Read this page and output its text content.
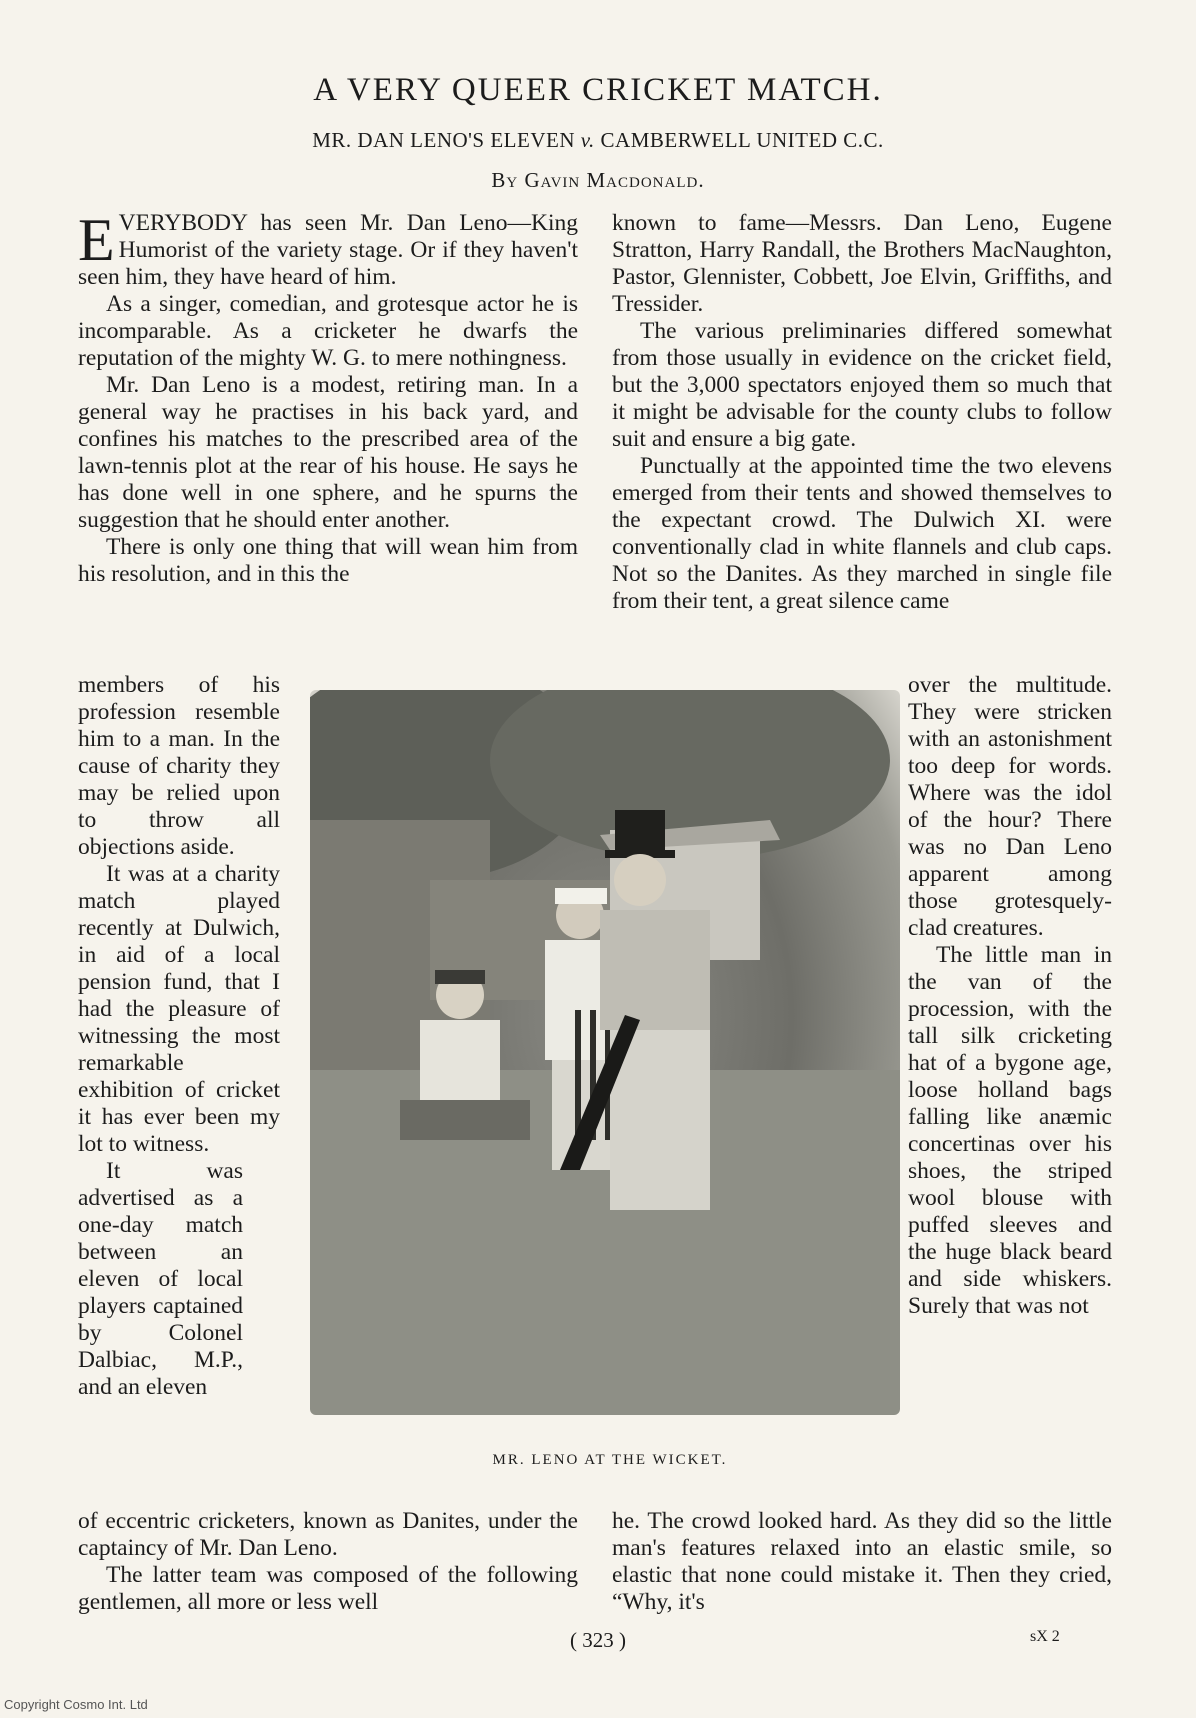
A VERY QUEER CRICKET MATCH.
MR. DAN LENO'S ELEVEN v. CAMBERWELL UNITED C.C.
By Gavin Macdonald.

EVERYBODY has seen Mr. Dan Leno—King Humorist of the variety stage. Or if they haven't seen him, they have heard of him.

As a singer, comedian, and grotesque actor he is incomparable. As a cricketer he dwarfs the reputation of the mighty W. G. to mere nothingness.

Mr. Dan Leno is a modest, retiring man. In a general way he practises in his back yard, and confines his matches to the prescribed area of the lawn-tennis plot at the rear of his house. He says he has done well in one sphere, and he spurns the suggestion that he should enter another.

There is only one thing that will wean him from his resolution, and in this the

members of his profession resemble him to a man. In the cause of charity they may be relied upon to throw all objections aside.

It was at a charity match played recently at Dulwich, in aid of a local pension fund, that I had the pleasure of witnessing the most remarkable exhibition of cricket it has ever been my lot to witness.

It was advertised as a one-day match between an eleven of local players captained by Colonel Dalbiac, M.P., and an eleven

of eccentric cricketers, known as Danites, under the captaincy of Mr. Dan Leno.

The latter team was composed of the following gentlemen, all more or less well

known to fame—Messrs. Dan Leno, Eugene Stratton, Harry Randall, the Brothers MacNaughton, Pastor, Glennister, Cobbett, Joe Elvin, Griffiths, and Tressider.

The various preliminaries differed somewhat from those usually in evidence on the cricket field, but the 3,000 spectators enjoyed them so much that it might be advisable for the county clubs to follow suit and ensure a big gate.

Punctually at the appointed time the two elevens emerged from their tents and showed themselves to the expectant crowd. The Dulwich XI. were conventionally clad in white flannels and club caps. Not so the Danites. As they marched in single file from their tent, a great silence came

over the multitude. They were stricken with an astonishment too deep for words. Where was the idol of the hour? There was no Dan Leno apparent among those grotesquely-clad creatures.

The little man in the van of the procession, with the tall silk cricketing hat of a bygone age, loose holland bags falling like anæmic concertinas over his shoes, the striped wool blouse with puffed sleeves and the huge black beard and side whiskers. Surely that was not

he. The crowd looked hard. As they did so the little man's features relaxed into an elastic smile, so elastic that none could mistake it. Then they cried, “Why, it's

MR. LENO AT THE WICKET.
( 323 )	sX 2
Copyright Cosmo Int. Ltd
